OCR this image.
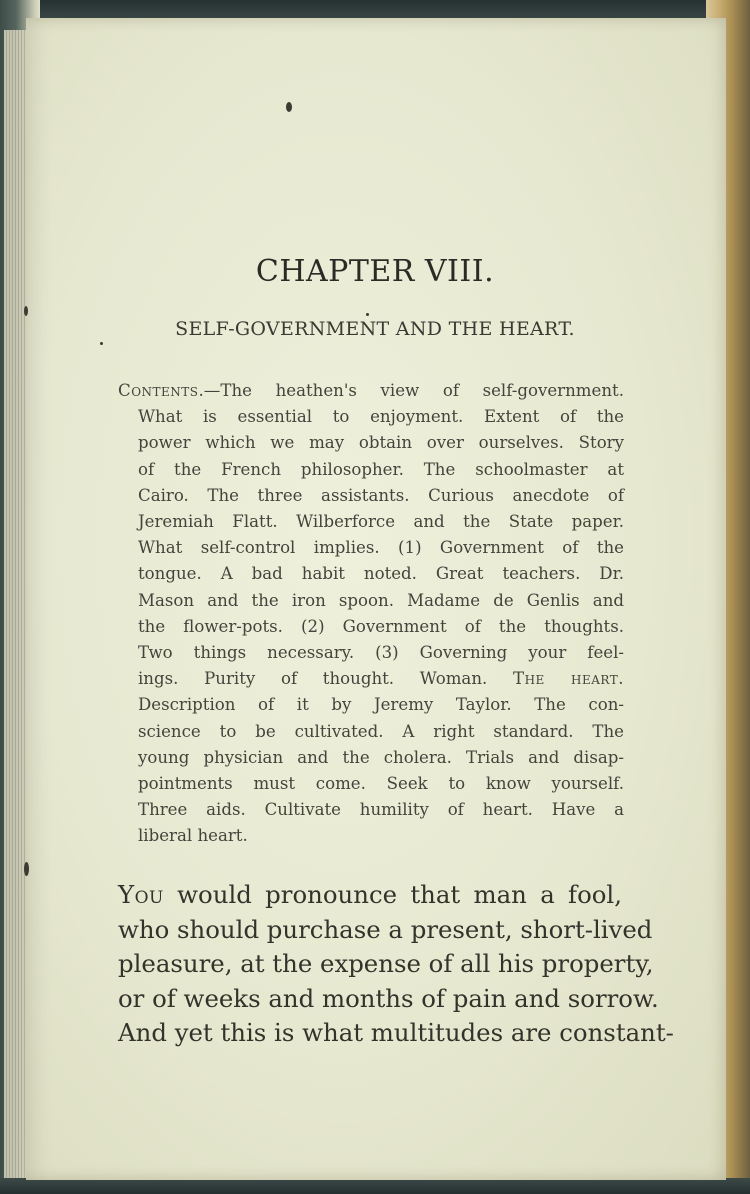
CHAPTER VIII.
SELF-GOVERNMENT AND THE HEART.
Contents.—The heathen's view of self-government.
What is essential to enjoyment. Extent of the
power which we may obtain over ourselves. Story
of the French philosopher. The schoolmaster at
Cairo. The three assistants. Curious anecdote of
Jeremiah Flatt. Wilberforce and the State paper.
What self-control implies. (1) Government of the
tongue. A bad habit noted. Great teachers. Dr.
Mason and the iron spoon. Madame de Genlis and
the flower-pots. (2) Government of the thoughts.
Two things necessary. (3) Governing your feel-
ings. Purity of thought. Woman. The heart.
Description of it by Jeremy Taylor. The con-
science to be cultivated. A right standard. The
young physician and the cholera. Trials and disap-
pointments must come. Seek to know yourself.
Three aids. Cultivate humility of heart. Have a
liberal heart.
You would pronounce that man a fool,
who should purchase a present, short-lived
pleasure, at the expense of all his property,
or of weeks and months of pain and sorrow.
And yet this is what multitudes are constant-
